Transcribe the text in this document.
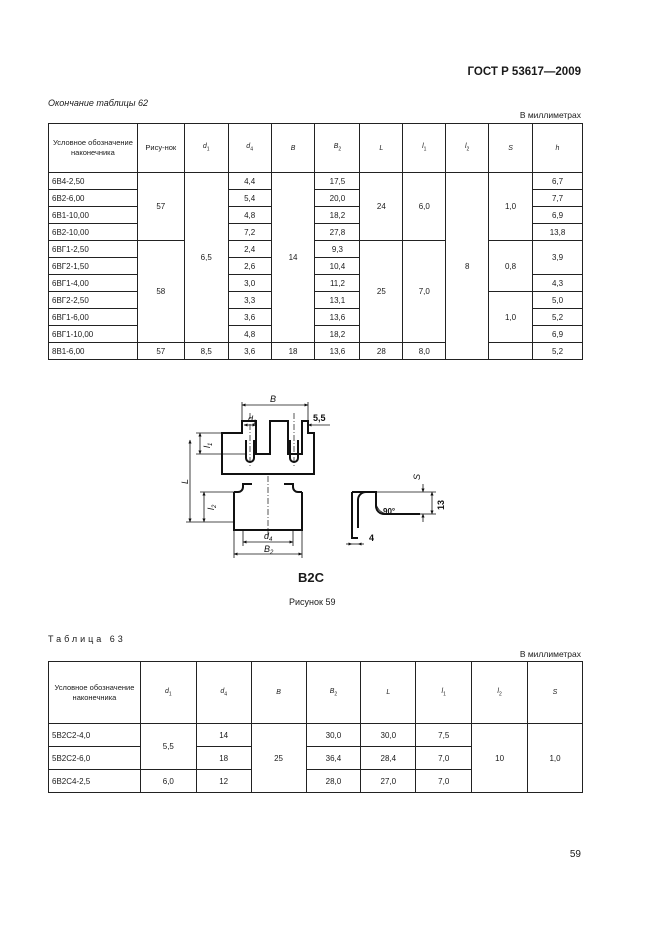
ГОСТ Р 53617—2009
Окончание таблицы 62
В миллиметрах
Условное обозначение наконечника	Рису-нок	$d_1$	$d_4$	B	$B_2$	L	$l_1$	$l_2$	S	h
6В4-2,50	57	6,5	4,4	14	17,5	24	6,0	8	1,0	6,7
6В2-6,00			5,4		20,0					7,7
6В1-10,00			4,8		18,2					6,9
6В2-10,00			7,2		27,8					13,8
6ВГ1-2,50	58		2,4		9,3	25	7,0		0,8	3,9
6ВГ2-1,50			2,6		10,4					
6ВГ1-4,00			3,0		11,2					4,3
6ВГ2-2,50			3,3		13,1				1,0	5,0
6ВГ1-6,00			3,6		13,6					5,2
6ВГ1-10,00			4,8		18,2					6,9
8В1-6,00	57	8,5	3,6	18	13,6	28	8,0			5,2
B
$d_1$	5,5
$l_1$
L
$l_2$
$d_4$
$B_2$
S
90°
13
4
В2С
Рисунок 59
Таблица 63
В миллиметрах
Условное обозначение наконечника	$d_1$	$d_4$	B	$B_2$	L	$l_1$	$l_2$	S
5В2С2-4,0	5,5	14	25	30,0	30,0	7,5	10	1,0
5В2С2-6,0		18		36,4	28,4	7,0		
6В2С4-2,5	6,0	12		28,0	27,0	7,0		
59
